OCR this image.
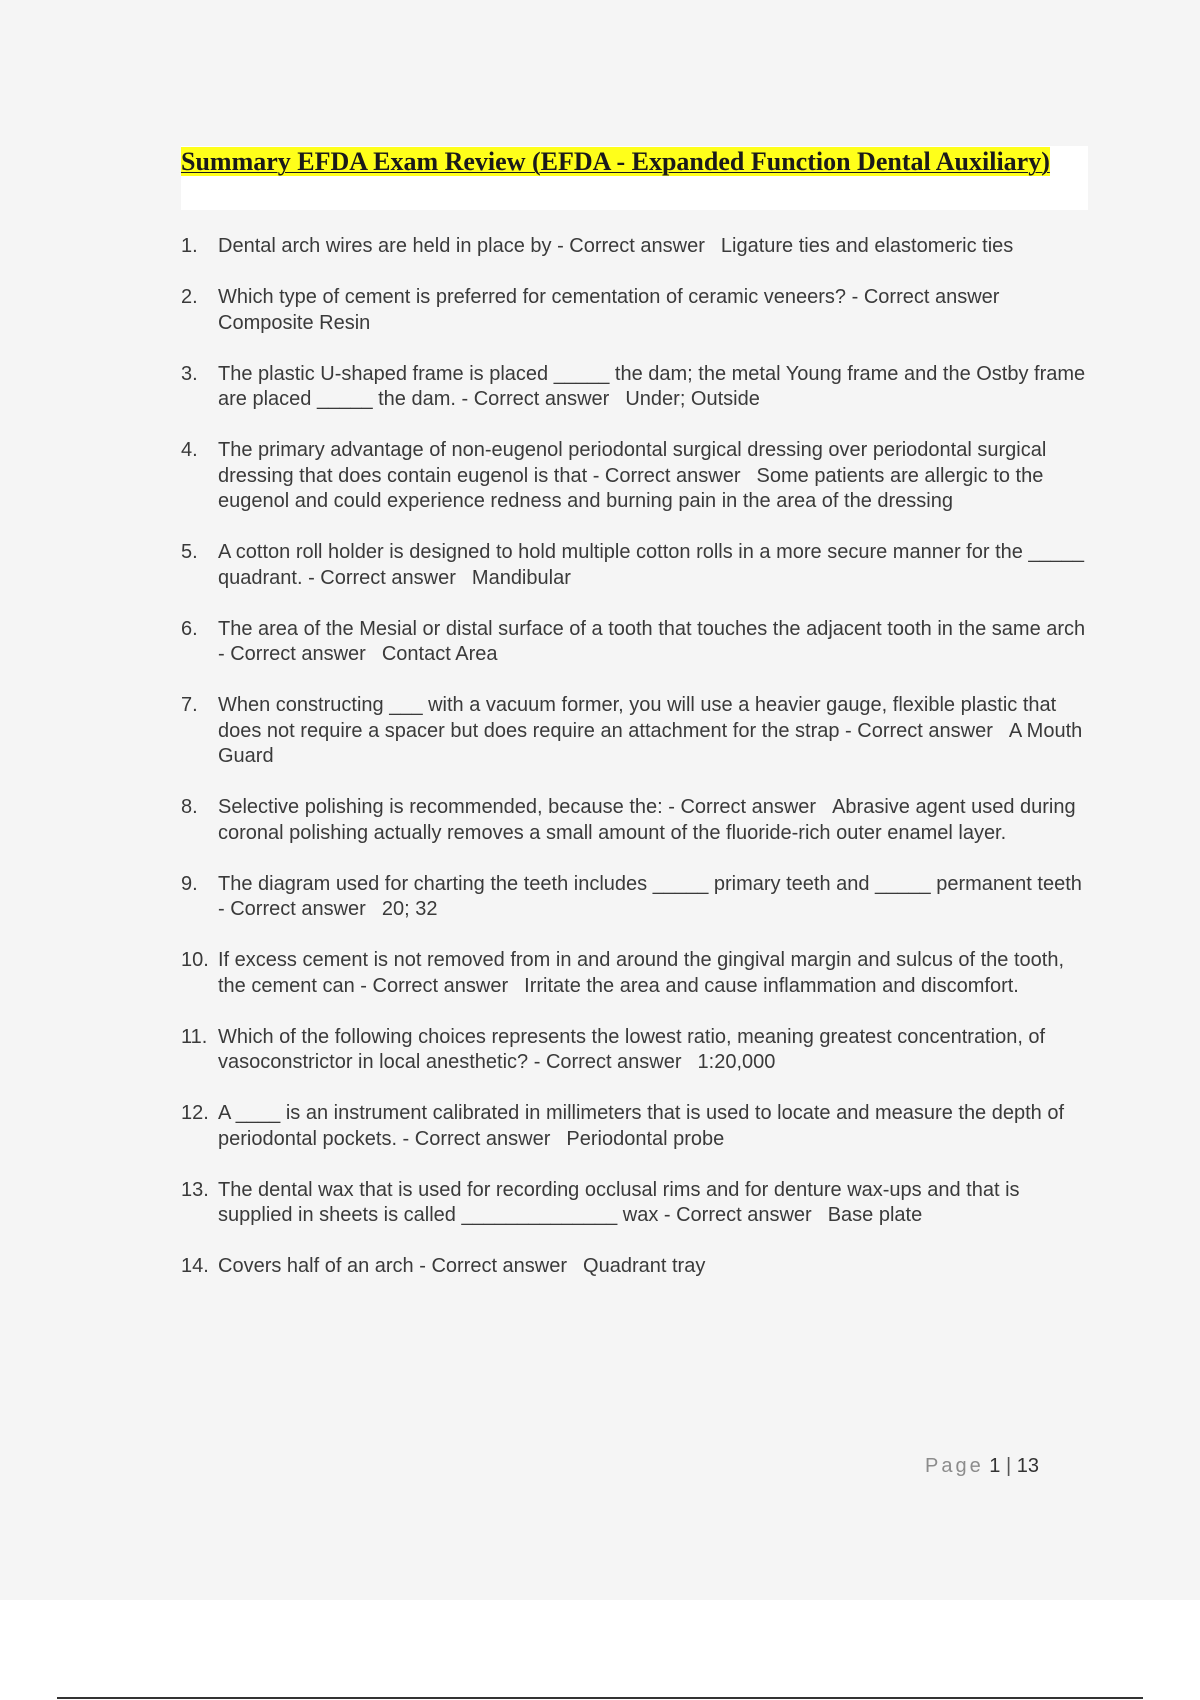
Summary EFDA Exam Review (EFDA - Expanded Function Dental Auxiliary)
1.	Dental arch wires are held in place by - Correct answer Ligature ties and elastomeric ties
2.	Which type of cement is preferred for cementation of ceramic veneers? - Correct answerComposite Resin
3.	The plastic U-shaped frame is placed _____ the dam; the metal Young frame and the Ostby frame are placed _____ the dam. - Correct answer Under; Outside
4.	The primary advantage of non-eugenol periodontal surgical dressing over periodontal surgical dressing that does contain eugenol is that - Correct answer Some patients are allergic to the eugenol and could experience redness and burning pain in the area of the dressing
5.	A cotton roll holder is designed to hold multiple cotton rolls in a more secure manner for the _____ quadrant. - Correct answer Mandibular
6.	The area of the Mesial or distal surface of a tooth that touches the adjacent tooth in the same arch - Correct answer Contact Area
7.	When constructing ___ with a vacuum former, you will use a heavier gauge, flexible plastic that does not require a spacer but does require an attachment for the strap - Correct answer A Mouth Guard
8.	Selective polishing is recommended, because the: - Correct answer Abrasive agent used during coronal polishing actually removes a small amount of the fluoride-rich outer enamel layer.
9.	The diagram used for charting the teeth includes _____ primary teeth and _____ permanent teeth - Correct answer 20; 32
10. If excess cement is not removed from in and around the gingival margin and sulcus of the tooth, the cement can - Correct answer Irritate the area and cause inflammation and discomfort.
11. Which of the following choices represents the lowest ratio, meaning greatest concentration, of vasoconstrictor in local anesthetic? - Correct answer 1:20,000
12. A ____ is an instrument calibrated in millimeters that is used to locate and measure the depth of periodontal pockets. - Correct answer Periodontal probe
13. The dental wax that is used for recording occlusal rims and for denture wax-ups and that is supplied in sheets is called ______________ wax - Correct answer Base plate
14. Covers half of an arch - Correct answer Quadrant tray
Page 1 | 13
